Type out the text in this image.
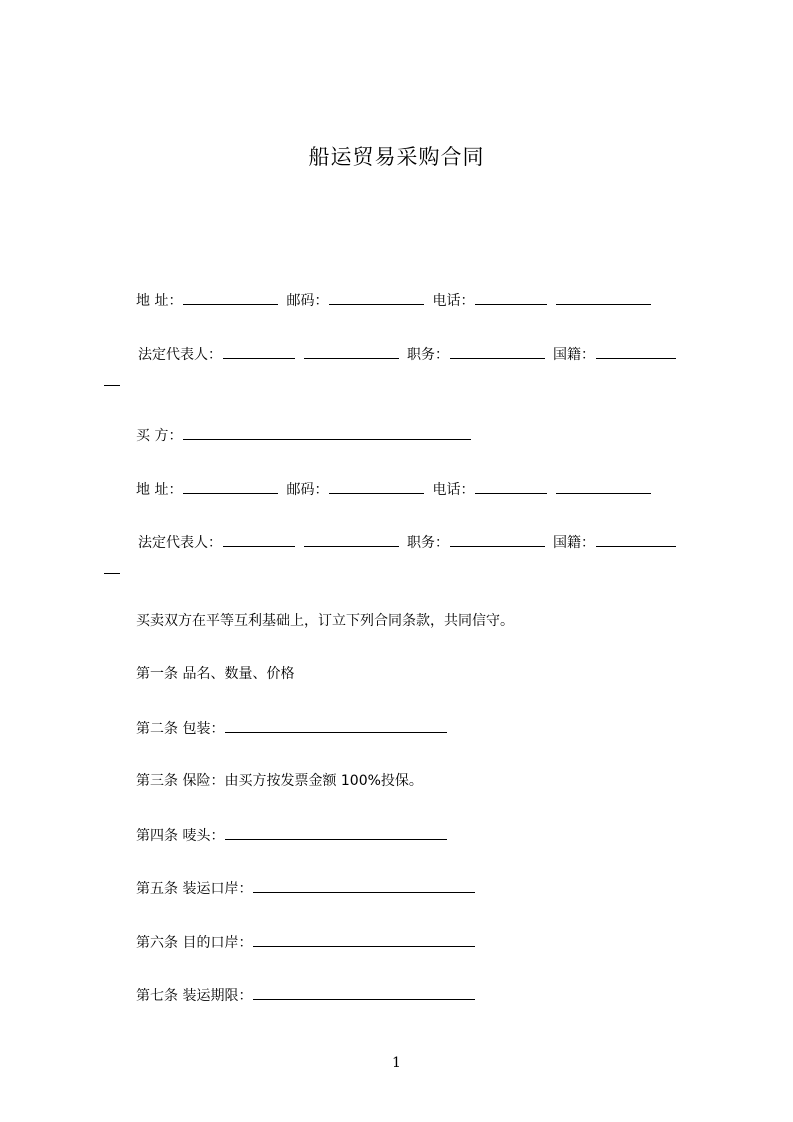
船运贸易采购合同
地 址：	邮码：	电话：
法定代表人：	职务：	国籍：
买 方：
地 址：	邮码：	电话：
法定代表人：	职务：	国籍：
买卖双方在平等互利基础上，订立下列合同条款，共同信守。
第一条 品名、数量、价格
第二条 包装：
第三条 保险：由买方按发票金额 100%投保。
第四条 唛头：
第五条 装运口岸：
第六条 目的口岸：
第七条 装运期限：
1
